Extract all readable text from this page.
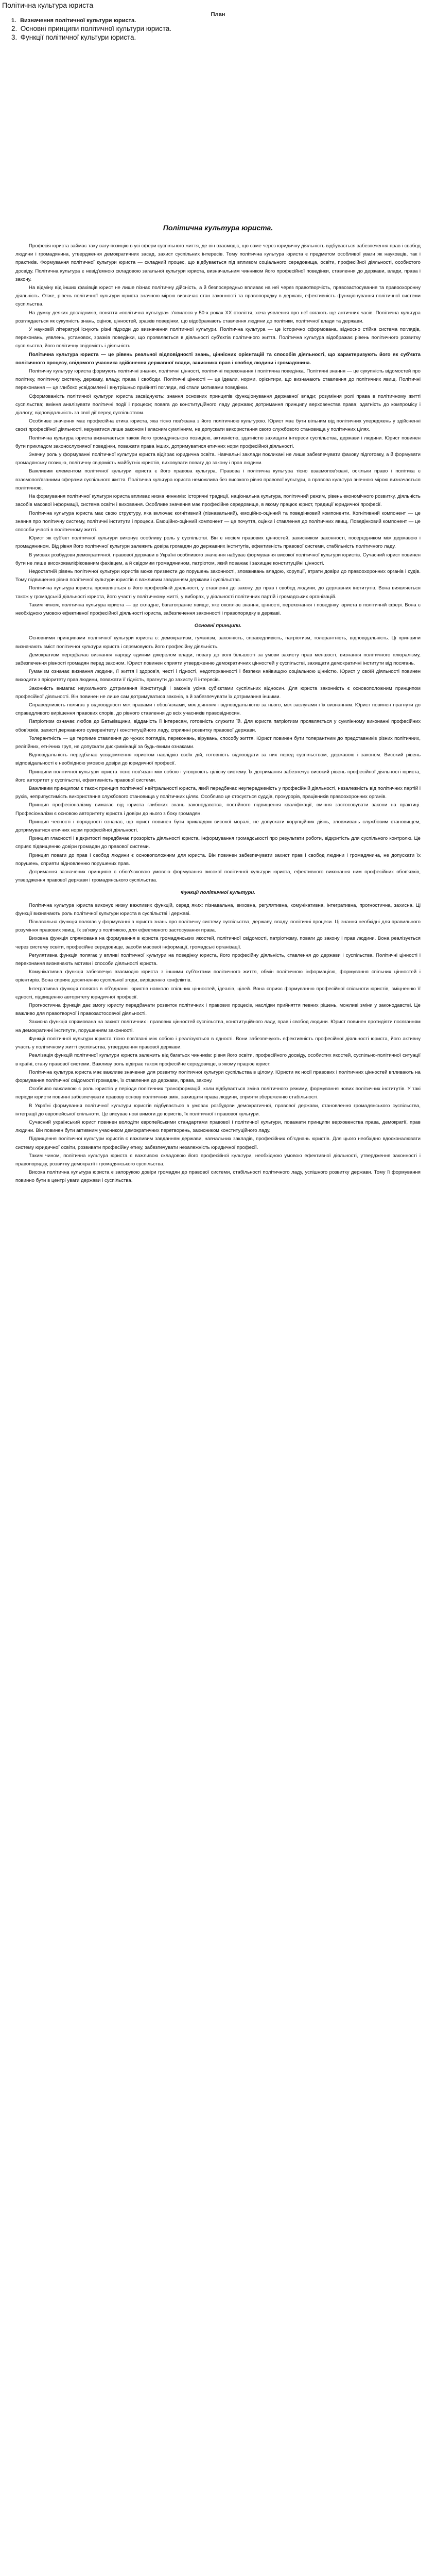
Політична культура юриста
План
1. Визначення політичної культури юриста.
2. Основні принципи політичної культури юриста.
3. Функції політичної культури юриста.
Політична культура юриста.

Професія юриста займає таку вагу-позицію в усі сфери суспільного життя, де він взаємодіє, що саме через юридичну діяльність відбувається забезпечення прав і свобод людини і громадянина, утвердження демократичних засад, захист суспільних інтересів. Тому політична культура юриста є предметом особливої уваги як науковців, так і практиків. Формування політичної культури юриста — складний процес, що відбувається під впливом соціального середовища, освіти, професійної діяльності, особистого досвіду. Політична культура є невід'ємною складовою загальної культури юриста, визначальним чинником його професійної поведінки, ставлення до держави, влади, права і закону.

На відміну від інших фахівців юрист не лише пізнає політичну дійсність, а й безпосередньо впливає на неї через правотворчість, правозастосування та правоохоронну діяльність. Отже, рівень політичної культури юриста значною мірою визначає стан законності та правопорядку в державі, ефективність функціонування політичної системи суспільства.

На думку деяких дослідників, поняття «політична культура» з'явилося у 50-х роках XX століття, хоча уявлення про неї сягають ще античних часів. Політична культура розглядається як сукупність знань, оцінок, цінностей, зразків поведінки, що відображають ставлення людини до політики, політичної влади та держави.

У науковій літературі існують різні підходи до визначення політичної культури. Політична культура — це історично сформована, відносно стійка система поглядів, переконань, уявлень, установок, зразків поведінки, що проявляється в діяльності суб'єктів політичного життя. Політична культура відображає рівень політичного розвитку суспільства, його політичну свідомість і діяльність.

Політична культура юриста — це рівень реальної відповідності знань, ціннісних орієнтацій та способів діяльності, що характеризують його як суб'єкта політичного процесу, свідомого учасника здійснення державної влади, захисника прав і свобод людини і громадянина.

Політичну культуру юриста формують політичні знання, політичні цінності, політичні переконання і політична поведінка. Політичні знання — це сукупність відомостей про політику, політичну систему, державу, владу, права і свободи. Політичні цінності — це ідеали, норми, орієнтири, що визначають ставлення до політичних явищ. Політичні переконання — це глибоко усвідомлені і внутрішньо прийняті погляди, які стали мотивами поведінки.

Сформованість політичної культури юриста засвідчують: знання основних принципів функціонування державної влади; розуміння ролі права в політичному житті суспільства; вміння аналізувати політичні події і процеси; повага до конституційного ладу держави; дотримання принципу верховенства права; здатність до компромісу і діалогу; відповідальність за свої дії перед суспільством.

Особливе значення має професійна етика юриста, яка тісно пов'язана з його політичною культурою. Юрист має бути вільним від політичних упереджень у здійсненні своєї професійної діяльності, керуватися лише законом і власним сумлінням, не допускати використання свого службового становища у політичних цілях.

Політична культура юриста визначається також його громадянською позицією, активністю, здатністю захищати інтереси суспільства, держави і людини. Юрист повинен бути прикладом законослухняної поведінки, поважати права інших, дотримуватися етичних норм професійної діяльності.

Значну роль у формуванні політичної культури юриста відіграє юридична освіта. Навчальні заклади покликані не лише забезпечувати фахову підготовку, а й формувати громадянську позицію, політичну свідомість майбутніх юристів, виховувати повагу до закону і прав людини.

Важливим елементом політичної культури юриста є його правова культура. Правова і політична культура тісно взаємопов'язані, оскільки право і політика є взаємопов'язаними сферами суспільного життя. Політична культура юриста неможлива без високого рівня правової культури, а правова культура значною мірою визначається політичною.

На формування політичної культури юриста впливає низка чинників: історичні традиції, національна культура, політичний режим, рівень економічного розвитку, діяльність засобів масової інформації, система освіти і виховання. Особливе значення має професійне середовище, в якому працює юрист, традиції юридичної професії.

Політична культура юриста має свою структуру, яка включає когнітивний (пізнавальний), емоційно-оцінний та поведінковий компоненти. Когнітивний компонент — це знання про політичну систему, політичні інститути і процеси. Емоційно-оцінний компонент — це почуття, оцінки і ставлення до політичних явищ. Поведінковий компонент — це способи участі в політичному житті.

Юрист як суб'єкт політичної культури виконує особливу роль у суспільстві. Він є носієм правових цінностей, захисником законності, посередником між державою і громадянином. Від рівня його політичної культури залежить довіра громадян до державних інститутів, ефективність правової системи, стабільність політичного ладу.

В умовах розбудови демократичної, правової держави в Україні особливого значення набуває формування високої політичної культури юристів. Сучасний юрист повинен бути не лише висококваліфікованим фахівцем, а й свідомим громадянином, патріотом, який поважає і захищає конституційні цінності.

Недостатній рівень політичної культури юристів може призвести до порушень законності, зловживань владою, корупції, втрати довіри до правоохоронних органів і судів. Тому підвищення рівня політичної культури юристів є важливим завданням держави і суспільства.

Політична культура юриста проявляється в його професійній діяльності, у ставленні до закону, до прав і свобод людини, до державних інститутів. Вона виявляється також у громадській діяльності юриста, його участі у політичному житті, у виборах, у діяльності політичних партій і громадських організацій.

Таким чином, політична культура юриста — це складне, багатогранне явище, яке охоплює знання, цінності, переконання і поведінку юриста в політичній сфері. Вона є необхідною умовою ефективної професійної діяльності юриста, забезпечення законності і правопорядку в державі.

Основні принципи.

Основними принципами політичної культури юриста є: демократизм, гуманізм, законність, справедливість, патріотизм, толерантність, відповідальність. Ці принципи визначають зміст політичної культури юриста і спрямовують його професійну діяльність.

Демократизм передбачає визнання народу єдиним джерелом влади, повагу до волі більшості за умови захисту прав меншості, визнання політичного плюралізму, забезпечення рівності громадян перед законом. Юрист повинен сприяти утвердженню демократичних цінностей у суспільстві, захищати демократичні інститути від посягань.

Гуманізм означає визнання людини, її життя і здоров'я, честі і гідності, недоторканності і безпеки найвищою соціальною цінністю. Юрист у своїй діяльності повинен виходити з пріоритету прав людини, поважати її гідність, прагнути до захисту її інтересів.

Законність вимагає неухильного дотримання Конституції і законів усіма суб'єктами суспільних відносин. Для юриста законність є основоположним принципом професійної діяльності. Він повинен не лише сам дотримуватися законів, а й забезпечувати їх дотримання іншими.

Справедливість полягає у відповідності між правами і обов'язками, між діянням і відповідальністю за нього, між заслугами і їх визнанням. Юрист повинен прагнути до справедливого вирішення правових спорів, до рівного ставлення до всіх учасників правовідносин.

Патріотизм означає любов до Батьківщини, відданість її інтересам, готовність служити їй. Для юриста патріотизм проявляється у сумлінному виконанні професійних обов'язків, захисті державного суверенітету і конституційного ладу, сприянні розвитку правової держави.

Толерантність — це терпиме ставлення до чужих поглядів, переконань, вірувань, способу життя. Юрист повинен бути толерантним до представників різних політичних, релігійних, етнічних груп, не допускати дискримінації за будь-якими ознаками.

Відповідальність передбачає усвідомлення юристом наслідків своїх дій, готовність відповідати за них перед суспільством, державою і законом. Високий рівень відповідальності є необхідною умовою довіри до юридичної професії.

Принципи політичної культури юриста тісно пов'язані між собою і утворюють цілісну систему. Їх дотримання забезпечує високий рівень професійної діяльності юриста, його авторитет у суспільстві, ефективність правової системи.

Важливим принципом є також принцип політичної нейтральності юриста, який передбачає неупередженість у професійній діяльності, незалежність від політичних партій і рухів, неприпустимість використання службового становища у політичних цілях. Особливо це стосується суддів, прокурорів, працівників правоохоронних органів.

Принцип професіоналізму вимагає від юриста глибоких знань законодавства, постійного підвищення кваліфікації, вміння застосовувати закони на практиці. Професіоналізм є основою авторитету юриста і довіри до нього з боку громадян.

Принцип чесності і порядності означає, що юрист повинен бути прикладом високої моралі, не допускати корупційних діянь, зловживань службовим становищем, дотримуватися етичних норм професійної діяльності.

Принцип гласності і відкритості передбачає прозорість діяльності юриста, інформування громадськості про результати роботи, відкритість для суспільного контролю. Це сприяє підвищенню довіри громадян до правової системи.

Принцип поваги до прав і свобод людини є основоположним для юриста. Він повинен забезпечувати захист прав і свобод людини і громадянина, не допускати їх порушень, сприяти відновленню порушених прав.

Дотримання зазначених принципів є обов'язковою умовою формування високої політичної культури юриста, ефективного виконання ним професійних обов'язків, утвердження правової держави і громадянського суспільства.

Функції політичної культури.

Політична культура юриста виконує низку важливих функцій, серед яких: пізнавальна, виховна, регулятивна, комунікативна, інтегративна, прогностична, захисна. Ці функції визначають роль політичної культури юриста в суспільстві і державі.

Пізнавальна функція полягає у формуванні в юриста знань про політичну систему суспільства, державу, владу, політичні процеси. Ці знання необхідні для правильного розуміння правових явищ, їх зв'язку з політикою, для ефективного застосування права.

Виховна функція спрямована на формування в юриста громадянських якостей, політичної свідомості, патріотизму, поваги до закону і прав людини. Вона реалізується через систему освіти, професійне середовище, засоби масової інформації, громадські організації.

Регулятивна функція полягає у впливі політичної культури на поведінку юриста, його професійну діяльність, ставлення до держави і суспільства. Політичні цінності і переконання визначають мотиви і способи діяльності юриста.

Комунікативна функція забезпечує взаємодію юриста з іншими суб'єктами політичного життя, обмін політичною інформацією, формування спільних цінностей і орієнтирів. Вона сприяє досягненню суспільної згоди, вирішенню конфліктів.

Інтегративна функція полягає в об'єднанні юристів навколо спільних цінностей, ідеалів, цілей. Вона сприяє формуванню професійної спільноти юристів, зміцненню її єдності, підвищенню авторитету юридичної професії.

Прогностична функція дає змогу юристу передбачати розвиток політичних і правових процесів, наслідки прийняття певних рішень, можливі зміни у законодавстві. Це важливо для правотворчої і правозастосовчої діяльності.

Захисна функція спрямована на захист політичних і правових цінностей суспільства, конституційного ладу, прав і свобод людини. Юрист повинен протидіяти посяганням на демократичні інститути, порушенням законності.

Функції політичної культури юриста тісно пов'язані між собою і реалізуються в єдності. Вони забезпечують ефективність професійної діяльності юриста, його активну участь у політичному житті суспільства, утвердження правової держави.

Реалізація функцій політичної культури юриста залежить від багатьох чинників: рівня його освіти, професійного досвіду, особистих якостей, суспільно-політичної ситуації в країні, стану правової системи. Важливу роль відіграє також професійне середовище, в якому працює юрист.

Політична культура юриста має важливе значення для розвитку політичної культури суспільства в цілому. Юристи як носії правових і політичних цінностей впливають на формування політичної свідомості громадян, їх ставлення до держави, права, закону.

Особливо важливою є роль юристів у періоди політичних трансформацій, коли відбувається зміна політичного режиму, формування нових політичних інститутів. У такі періоди юристи повинні забезпечувати правову основу політичних змін, захищати права людини, сприяти збереженню стабільності.

В Україні формування політичної культури юристів відбувається в умовах розбудови демократичної, правової держави, становлення громадянського суспільства, інтеграції до європейської спільноти. Це висуває нові вимоги до юристів, їх політичної і правової культури.

Сучасний український юрист повинен володіти європейськими стандартами правової і політичної культури, поважати принципи верховенства права, демократії, прав людини. Він повинен бути активним учасником демократичних перетворень, захисником конституційного ладу.

Підвищення політичної культури юристів є важливим завданням держави, навчальних закладів, професійних об'єднань юристів. Для цього необхідно вдосконалювати систему юридичної освіти, розвивати професійну етику, забезпечувати незалежність юридичної професії.

Таким чином, політична культура юриста є важливою складовою його професійної культури, необхідною умовою ефективної діяльності, утвердження законності і правопорядку, розвитку демократії і громадянського суспільства.

Висока політична культура юриста є запорукою довіри громадян до правової системи, стабільності політичного ладу, успішного розвитку держави. Тому її формування повинно бути в центрі уваги держави і суспільства.
